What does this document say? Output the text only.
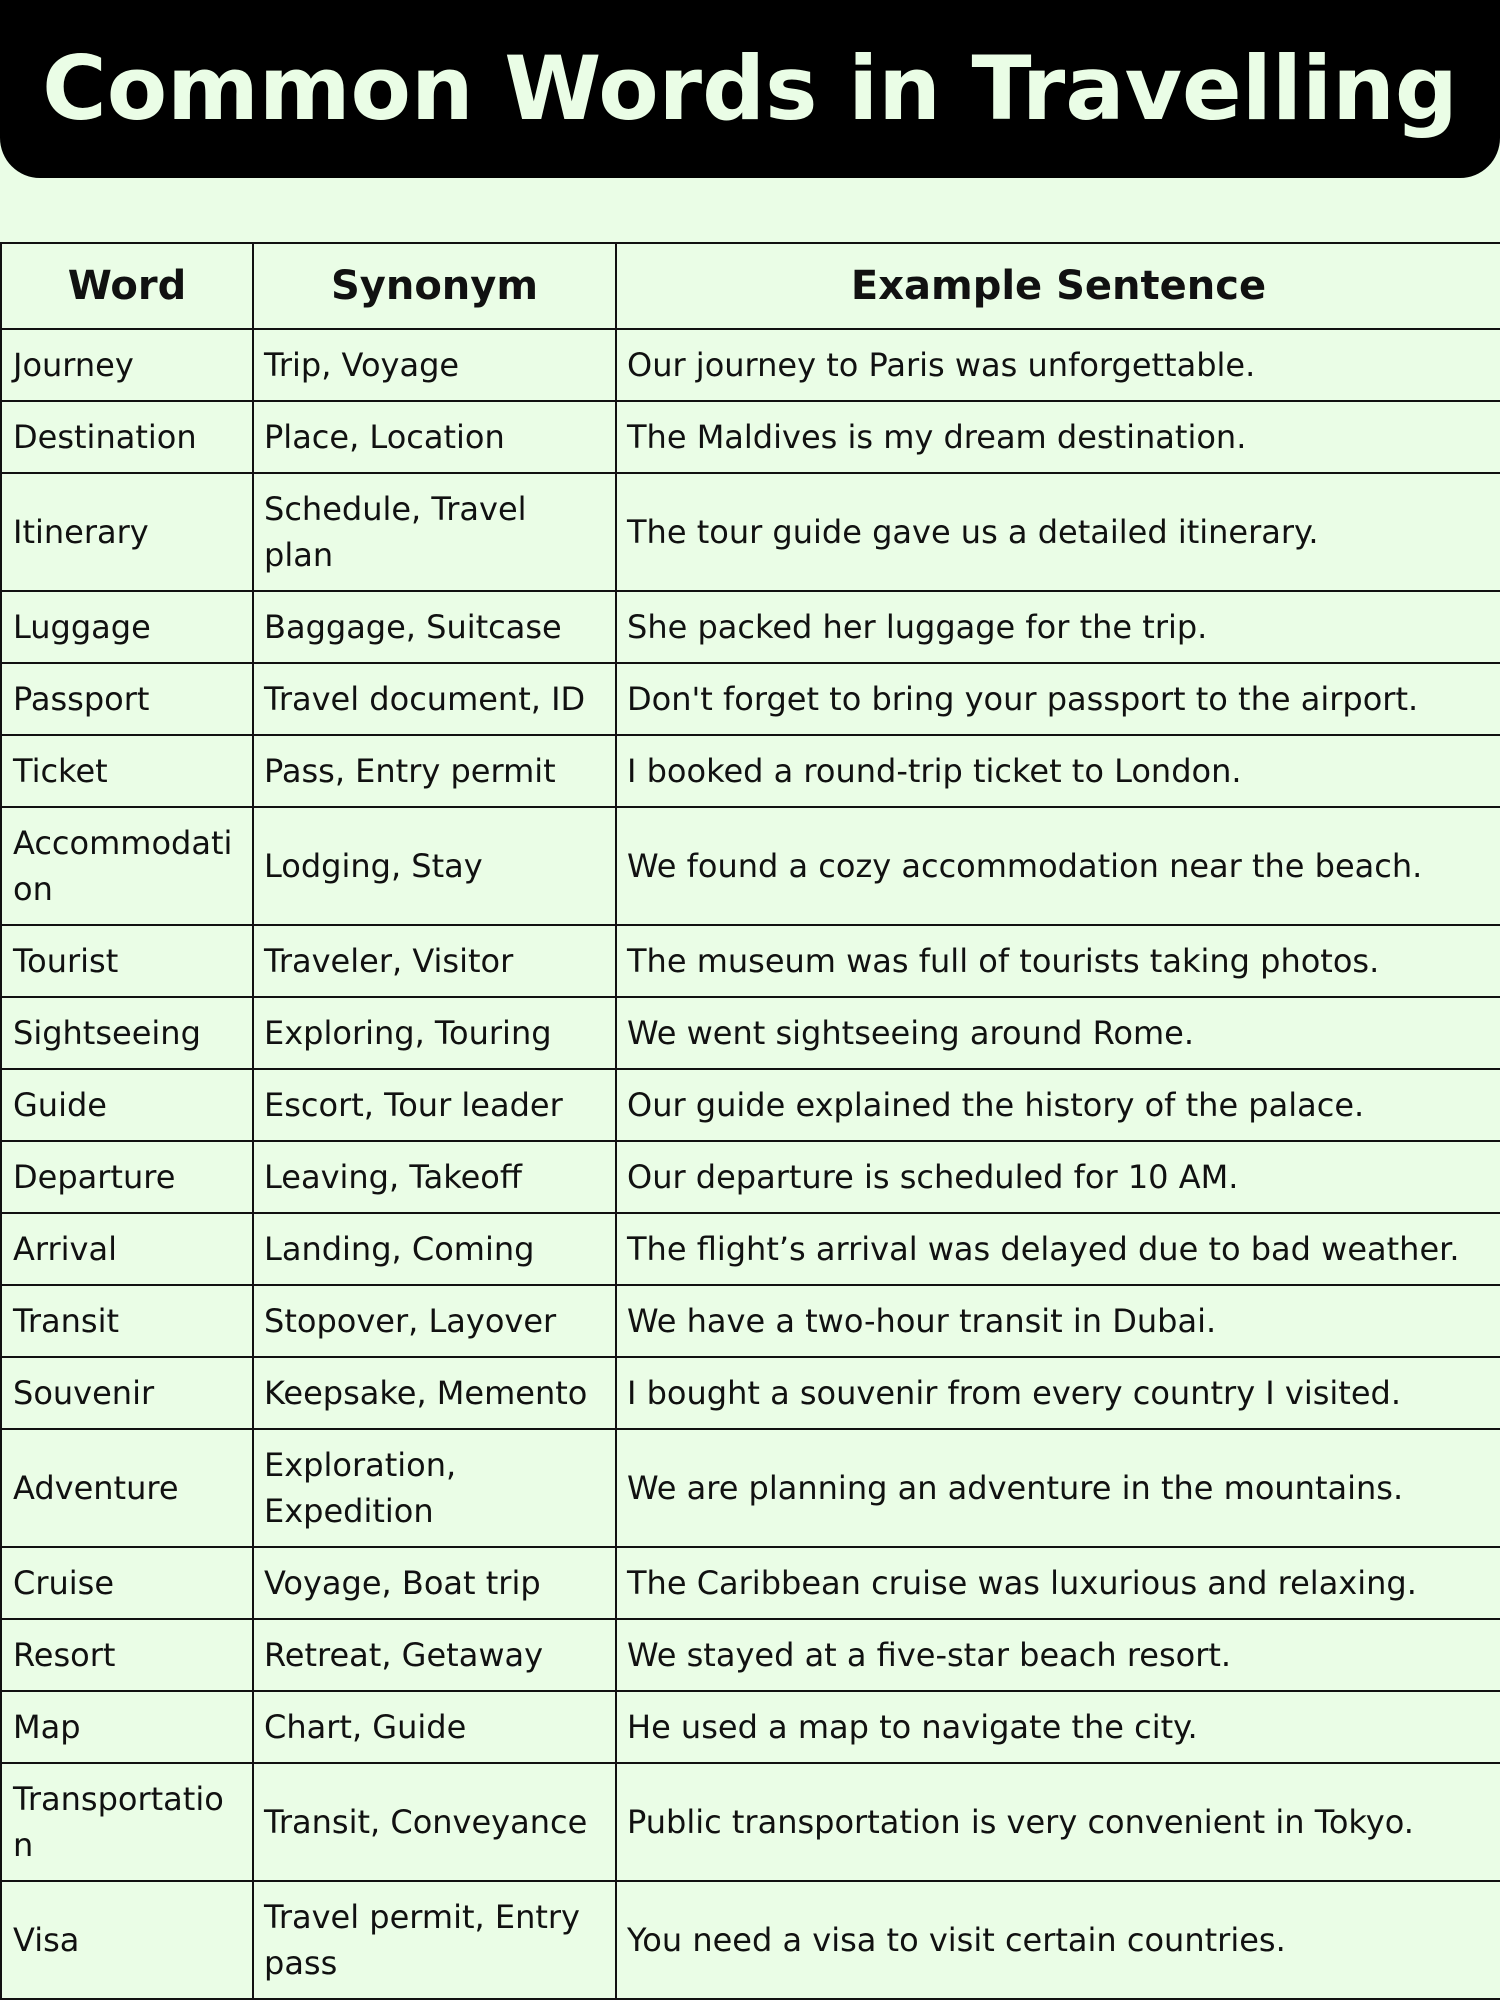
Common Words in Travelling
Word	Synonym	Example Sentence
Journey	Trip, Voyage	Our journey to Paris was unforgettable.
Destination	Place, Location	The Maldives is my dream destination.
Itinerary	Schedule, Travel plan	The tour guide gave us a detailed itinerary.
Luggage	Baggage, Suitcase	She packed her luggage for the trip.
Passport	Travel document, ID	Don't forget to bring your passport to the airport.
Ticket	Pass, Entry permit	I booked a round-trip ticket to London.
Accommodation	Lodging, Stay	We found a cozy accommodation near the beach.
Tourist	Traveler, Visitor	The museum was full of tourists taking photos.
Sightseeing	Exploring, Touring	We went sightseeing around Rome.
Guide	Escort, Tour leader	Our guide explained the history of the palace.
Departure	Leaving, Takeoff	Our departure is scheduled for 10 AM.
Arrival	Landing, Coming	The flight’s arrival was delayed due to bad weather.
Transit	Stopover, Layover	We have a two-hour transit in Dubai.
Souvenir	Keepsake, Memento	I bought a souvenir from every country I visited.
Adventure	Exploration, Expedition	We are planning an adventure in the mountains.
Cruise	Voyage, Boat trip	The Caribbean cruise was luxurious and relaxing.
Resort	Retreat, Getaway	We stayed at a five-star beach resort.
Map	Chart, Guide	He used a map to navigate the city.
Transportation	Transit, Conveyance	Public transportation is very convenient in Tokyo.
Visa	Travel permit, Entry pass	You need a visa to visit certain countries.
